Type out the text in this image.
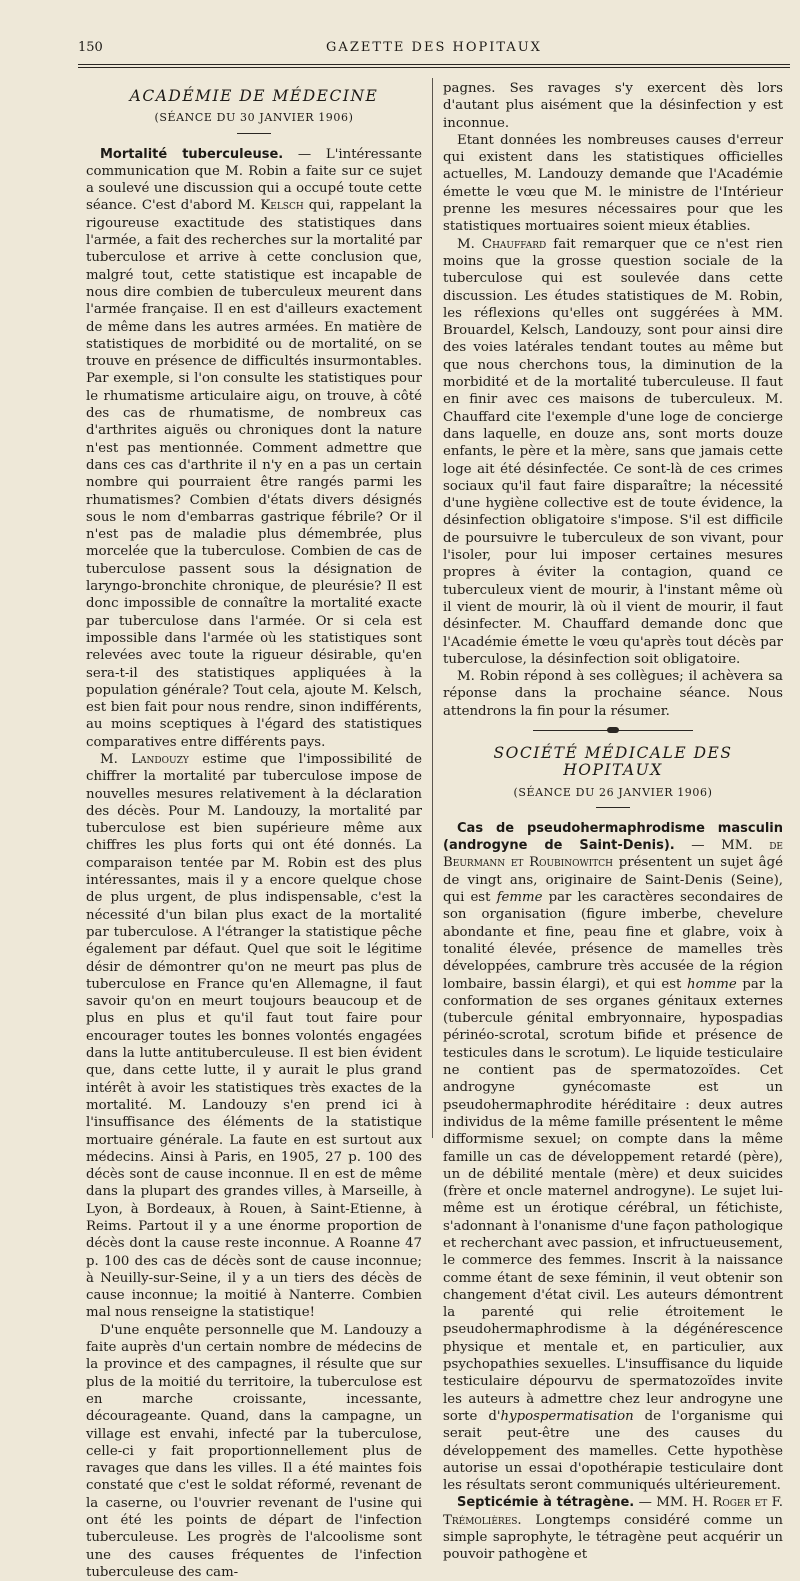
150	GAZETTE DES HOPITAUX
ACADÉMIE DE MÉDECINE
(SÉANCE DU 30 JANVIER 1906)

Mortalité tuberculeuse. — L'intéressante communication que M. Robin a faite sur ce sujet a soulevé une discussion qui a occupé toute cette séance. C'est d'abord M. Kelsch qui, rappelant la rigoureuse exactitude des statistiques dans l'armée, a fait des recherches sur la mortalité par tuberculose et arrive à cette conclusion que, malgré tout, cette statistique est incapable de nous dire combien de tuberculeux meurent dans l'armée française. Il en est d'ailleurs exactement de même dans les autres armées. En matière de statistiques de morbidité ou de mortalité, on se trouve en présence de difficultés insurmontables. Par exemple, si l'on consulte les statistiques pour le rhumatisme articulaire aigu, on trouve, à côté des cas de rhumatisme, de nombreux cas d'arthrites aiguës ou chroniques dont la nature n'est pas mentionnée. Comment admettre que dans ces cas d'arthrite il n'y en a pas un certain nombre qui pourraient être rangés parmi les rhumatismes? Combien d'états divers désignés sous le nom d'embarras gastrique fébrile? Or il n'est pas de maladie plus démembrée, plus morcelée que la tuberculose. Combien de cas de tuberculose passent sous la désignation de laryngo-bronchite chronique, de pleurésie? Il est donc impossible de connaître la mortalité exacte par tuberculose dans l'armée. Or si cela est impossible dans l'armée où les statistiques sont relevées avec toute la rigueur désirable, qu'en sera-t-il des statistiques appliquées à la population générale? Tout cela, ajoute M. Kelsch, est bien fait pour nous rendre, sinon indifférents, au moins sceptiques à l'égard des statistiques comparatives entre différents pays.

M. Landouzy estime que l'impossibilité de chiffrer la mortalité par tuberculose impose de nouvelles mesures relativement à la déclaration des décès. Pour M. Landouzy, la mortalité par tuberculose est bien supérieure même aux chiffres les plus forts qui ont été donnés. La comparaison tentée par M. Robin est des plus intéressantes, mais il y a encore quelque chose de plus urgent, de plus indispensable, c'est la nécessité d'un bilan plus exact de la mortalité par tuberculose. A l'étranger la statistique pêche également par défaut. Quel que soit le légitime désir de démontrer qu'on ne meurt pas plus de tuberculose en France qu'en Allemagne, il faut savoir qu'on en meurt toujours beaucoup et de plus en plus et qu'il faut tout faire pour encourager toutes les bonnes volontés engagées dans la lutte antituberculeuse. Il est bien évident que, dans cette lutte, il y aurait le plus grand intérêt à avoir les statistiques très exactes de la mortalité. M. Landouzy s'en prend ici à l'insuffisance des éléments de la statistique mortuaire générale. La faute en est surtout aux médecins. Ainsi à Paris, en 1905, 27 p. 100 des décès sont de cause inconnue. Il en est de même dans la plupart des grandes villes, à Marseille, à Lyon, à Bordeaux, à Rouen, à Saint-Etienne, à Reims. Partout il y a une énorme proportion de décès dont la cause reste inconnue. A Roanne 47 p. 100 des cas de décès sont de cause inconnue; à Neuilly-sur-Seine, il y a un tiers des décès de cause inconnue; la moitié à Nanterre. Combien mal nous renseigne la statistique!

D'une enquête personnelle que M. Landouzy a faite auprès d'un certain nombre de médecins de la province et des campagnes, il résulte que sur plus de la moitié du territoire, la tuberculose est en marche croissante, incessante, décourageante. Quand, dans la campagne, un village est envahi, infecté par la tuberculose, celle-ci y fait proportionnellement plus de ravages que dans les villes. Il a été maintes fois constaté que c'est le soldat réformé, revenant de la caserne, ou l'ouvrier revenant de l'usine qui ont été les points de départ de l'infection tuberculeuse. Les progrès de l'alcoolisme sont une des causes fréquentes de l'infection tuberculeuse des cam-

pagnes. Ses ravages s'y exercent dès lors d'autant plus aisément que la désinfection y est inconnue.

Etant données les nombreuses causes d'erreur qui existent dans les statistiques officielles actuelles, M. Landouzy demande que l'Académie émette le vœu que M. le ministre de l'Intérieur prenne les mesures nécessaires pour que les statistiques mortuaires soient mieux établies.

M. Chauffard fait remarquer que ce n'est rien moins que la grosse question sociale de la tuberculose qui est soulevée dans cette discussion. Les études statistiques de M. Robin, les réflexions qu'elles ont suggérées à MM. Brouardel, Kelsch, Landouzy, sont pour ainsi dire des voies latérales tendant toutes au même but que nous cherchons tous, la diminution de la morbidité et de la mortalité tuberculeuse. Il faut en finir avec ces maisons de tuberculeux. M. Chauffard cite l'exemple d'une loge de concierge dans laquelle, en douze ans, sont morts douze enfants, le père et la mère, sans que jamais cette loge ait été désinfectée. Ce sont-là de ces crimes sociaux qu'il faut faire disparaître; la nécessité d'une hygiène collective est de toute évidence, la désinfection obligatoire s'impose. S'il est difficile de poursuivre le tuberculeux de son vivant, pour l'isoler, pour lui imposer certaines mesures propres à éviter la contagion, quand ce tuberculeux vient de mourir, à l'instant même où il vient de mourir, là où il vient de mourir, il faut désinfecter. M. Chauffard demande donc que l'Académie émette le vœu qu'après tout décès par tuberculose, la désinfection soit obligatoire.

M. Robin répond à ses collègues; il achèvera sa réponse dans la prochaine séance. Nous attendrons la fin pour la résumer.

SOCIÉTÉ MÉDICALE DES HOPITAUX
(SÉANCE DU 26 JANVIER 1906)

Cas de pseudohermaphrodisme masculin (androgyne de Saint-Denis). — MM. de Beurmann et Roubinowitch présentent un sujet âgé de vingt ans, originaire de Saint-Denis (Seine), qui est femme par les caractères secondaires de son organisation (figure imberbe, chevelure abondante et fine, peau fine et glabre, voix à tonalité élevée, présence de mamelles très développées, cambrure très accusée de la région lombaire, bassin élargi), et qui est homme par la conformation de ses organes génitaux externes (tubercule génital embryonnaire, hypospadias périnéo-scrotal, scrotum bifide et présence de testicules dans le scrotum). Le liquide testiculaire ne contient pas de spermatozoïdes. Cet androgyne gynécomaste est un pseudohermaphrodite héréditaire : deux autres individus de la même famille présentent le même difformisme sexuel; on compte dans la même famille un cas de développement retardé (père), un de débilité mentale (mère) et deux suicides (frère et oncle maternel androgyne). Le sujet lui-même est un érotique cérébral, un fétichiste, s'adonnant à l'onanisme d'une façon pathologique et recherchant avec passion, et infructueusement, le commerce des femmes. Inscrit à la naissance comme étant de sexe féminin, il veut obtenir son changement d'état civil. Les auteurs démontrent la parenté qui relie étroitement le pseudohermaphrodisme à la dégénérescence physique et mentale et, en particulier, aux psychopathies sexuelles. L'insuffisance du liquide testiculaire dépourvu de spermatozoïdes invite les auteurs à admettre chez leur androgyne une sorte d'hypospermatisation de l'organisme qui serait peut-être une des causes du développement des mamelles. Cette hypothèse autorise un essai d'opothérapie testiculaire dont les résultats seront communiqués ultérieurement.

Septicémie à tétragène. — MM. H. Roger et F. Trémolières. Longtemps considéré comme un simple saprophyte, le tétragène peut acquérir un pouvoir pathogène et
